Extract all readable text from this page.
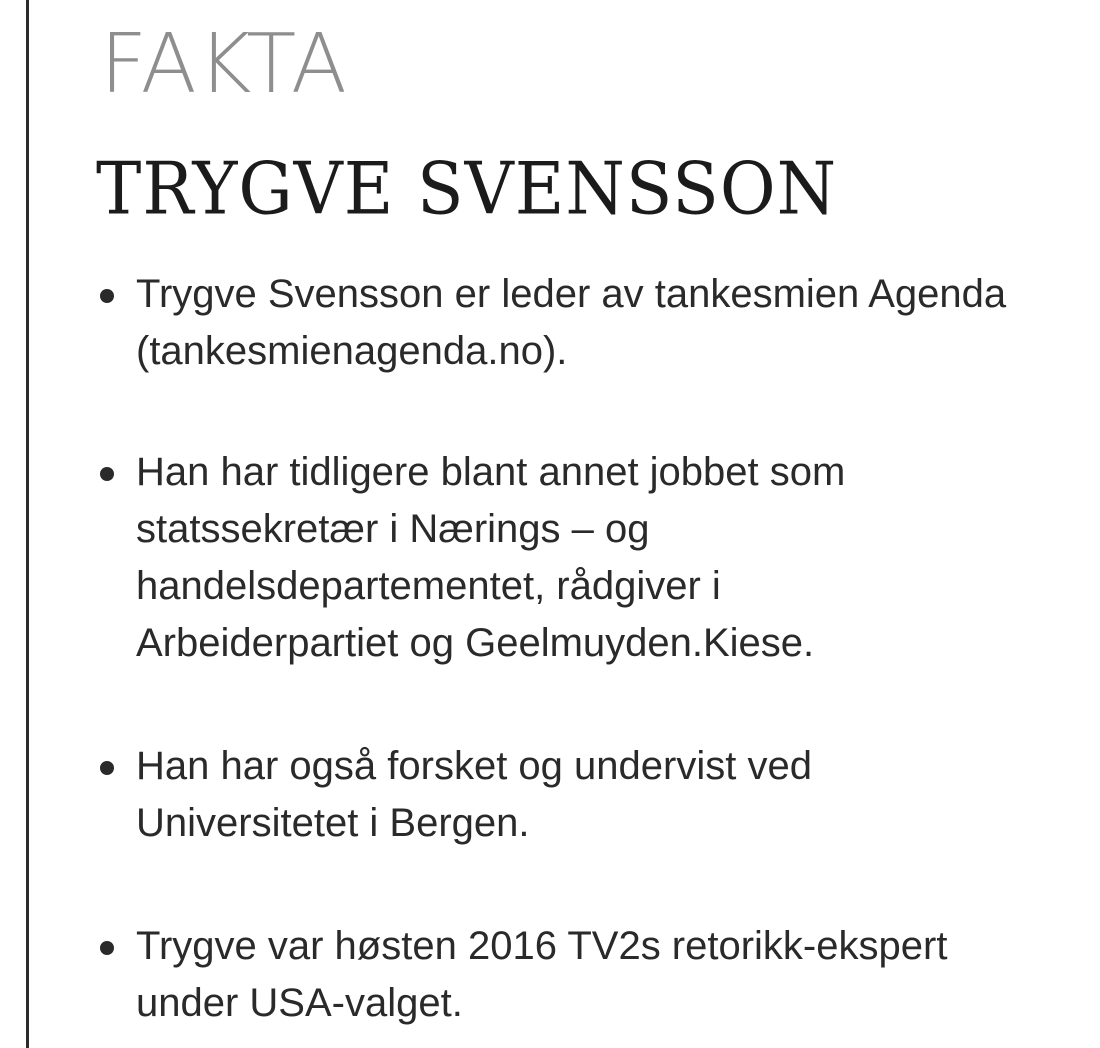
FAKTA
TRYGVE SVENSSON
Trygve Svensson er leder av tankesmien Agenda
(tankesmienagenda.no).
Han har tidligere blant annet jobbet som
statssekretær i Nærings – og
handelsdepartementet, rådgiver i
Arbeiderpartiet og Geelmuyden.Kiese.
Han har også forsket og undervist ved
Universitetet i Bergen.
Trygve var høsten 2016 TV2s retorikk-ekspert
under USA-valget.
